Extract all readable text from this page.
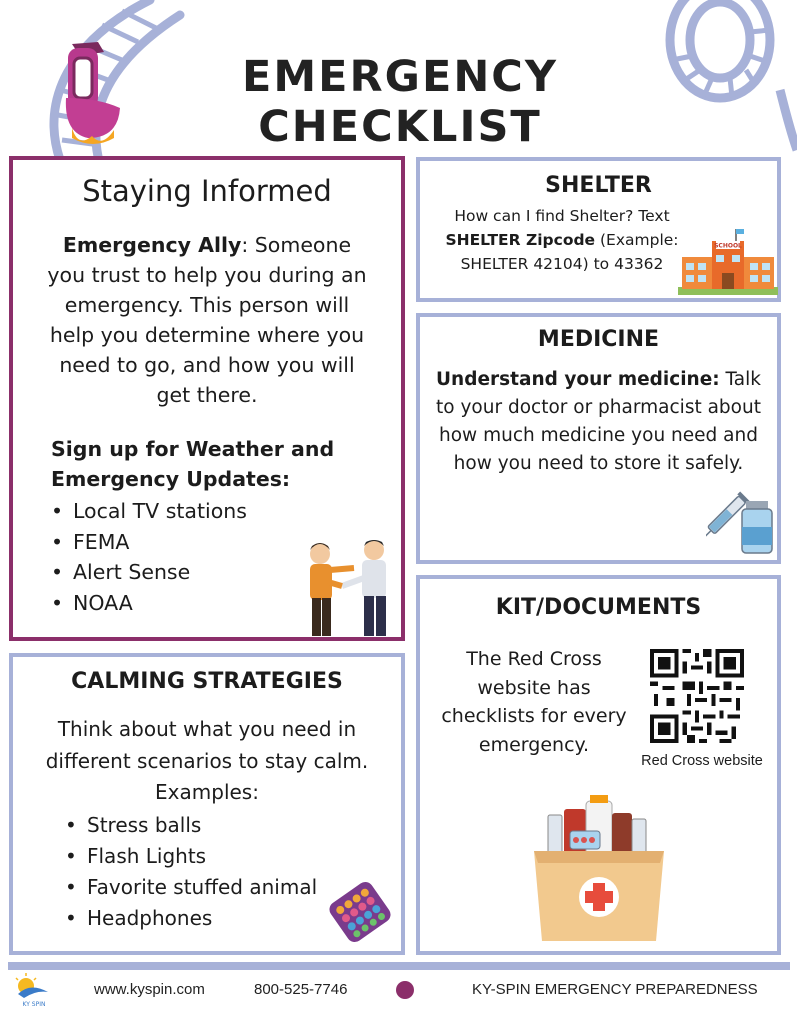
EMERGENCY CHECKLIST
Staying Informed

Emergency Ally: Someone you trust to help you during an emergency. This person will help you determine where you need to go, and how you will get there.

Sign up for Weather and Emergency Updates:

• Local TV stations
• FEMA
• Alert Sense
• NOAA
SHELTER

How can I find Shelter? Text
SHELTER Zipcode (Example: SHELTER 42104) to 43362

SCHOOL
MEDICINE

Understand your medicine: Talk to your doctor or pharmacist about how much medicine you need and how you need to store it safely.

CALMING STRATEGIES

Think about what you need in different scenarios to stay calm. Examples:

• Stress balls
• Flash Lights
• Favorite stuffed animal
• Headphones
KIT/DOCUMENTS

The Red Cross website has checklists for every emergency.

Red Cross website
KY SPIN
www.kyspin.com	800-525-7746	KY-SPIN EMERGENCY PREPAREDNESS
